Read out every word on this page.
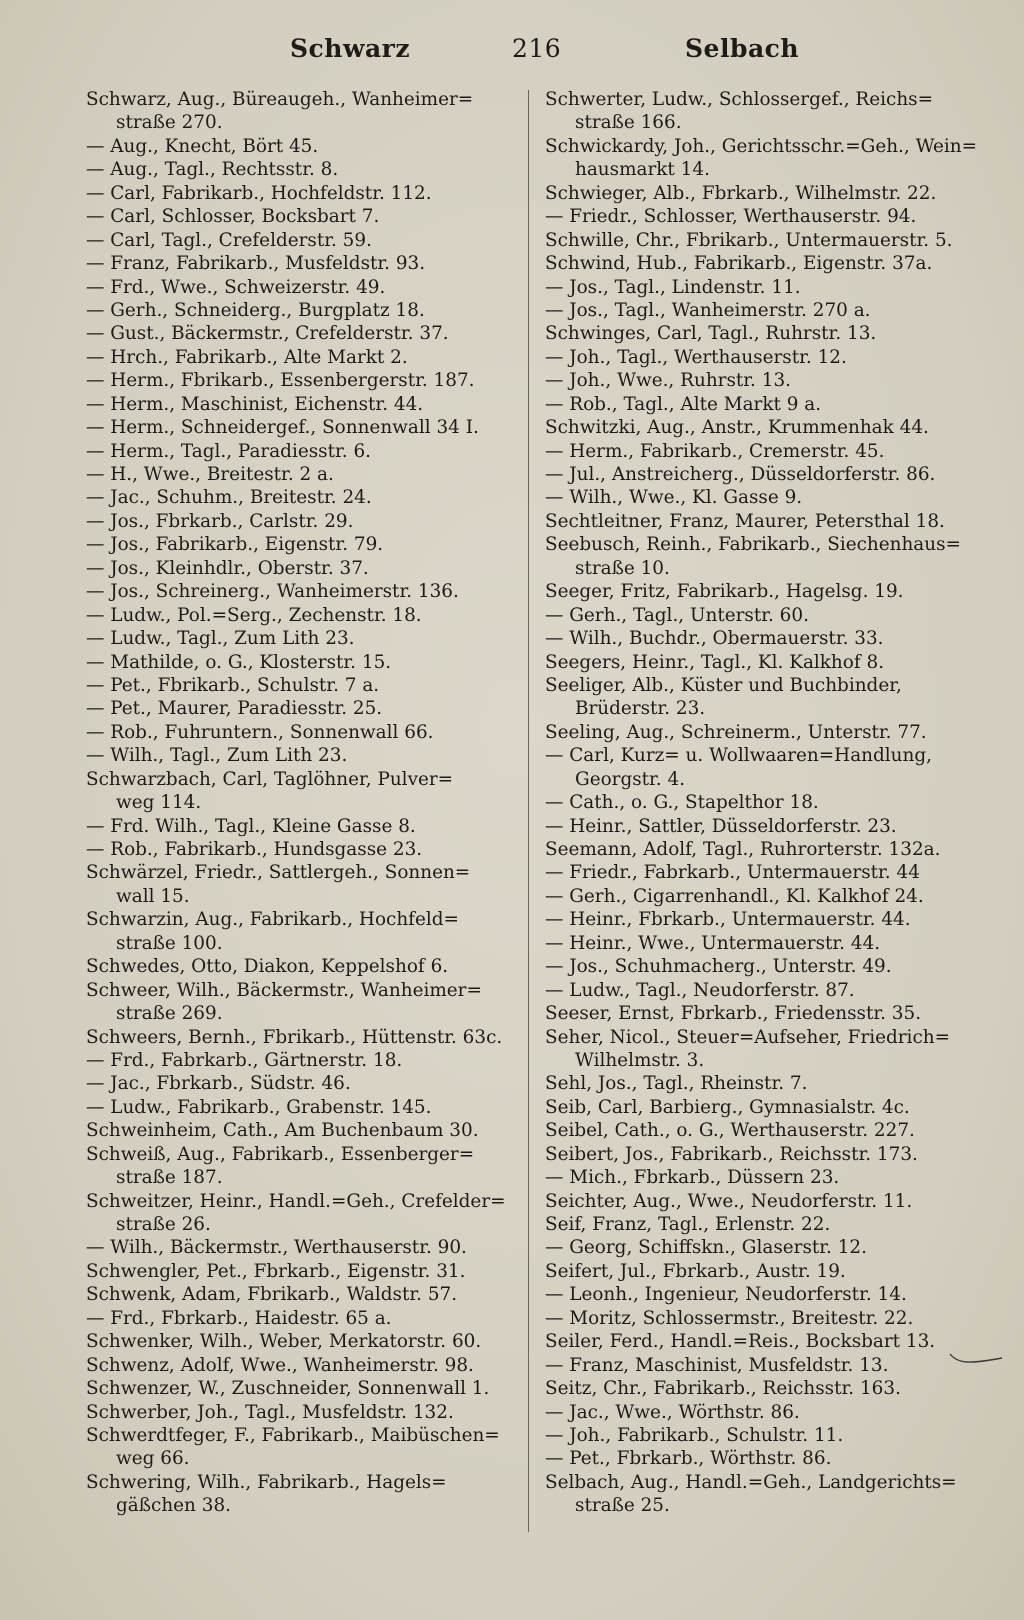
Schwarz	216	Selbach
Schwarz, Aug., Büreaugeh., Wanheimer=
straße 270.
— Aug., Knecht, Bört 45.
— Aug., Tagl., Rechtsstr. 8.
— Carl, Fabrikarb., Hochfeldstr. 112.
— Carl, Schlosser, Bocksbart 7.
— Carl, Tagl., Crefelderstr. 59.
— Franz, Fabrikarb., Musfeldstr. 93.
— Frd., Wwe., Schweizerstr. 49.
— Gerh., Schneiderg., Burgplatz 18.
— Gust., Bäckermstr., Crefelderstr. 37.
— Hrch., Fabrikarb., Alte Markt 2.
— Herm., Fbrikarb., Essenbergerstr. 187.
— Herm., Maschinist, Eichenstr. 44.
— Herm., Schneidergef., Sonnenwall 34 I.
— Herm., Tagl., Paradiesstr. 6.
— H., Wwe., Breitestr. 2 a.
— Jac., Schuhm., Breitestr. 24.
— Jos., Fbrkarb., Carlstr. 29.
— Jos., Fabrikarb., Eigenstr. 79.
— Jos., Kleinhdlr., Oberstr. 37.
— Jos., Schreinerg., Wanheimerstr. 136.
— Ludw., Pol.=Serg., Zechenstr. 18.
— Ludw., Tagl., Zum Lith 23.
— Mathilde, o. G., Klosterstr. 15.
— Pet., Fbrikarb., Schulstr. 7 a.
— Pet., Maurer, Paradiesstr. 25.
— Rob., Fuhruntern., Sonnenwall 66.
— Wilh., Tagl., Zum Lith 23.
Schwarzbach, Carl, Taglöhner, Pulver=
weg 114.
— Frd. Wilh., Tagl., Kleine Gasse 8.
— Rob., Fabrikarb., Hundsgasse 23.
Schwärzel, Friedr., Sattlergeh., Sonnen=
wall 15.
Schwarzin, Aug., Fabrikarb., Hochfeld=
straße 100.
Schwedes, Otto, Diakon, Keppelshof 6.
Schweer, Wilh., Bäckermstr., Wanheimer=
straße 269.
Schweers, Bernh., Fbrikarb., Hüttenstr. 63c.
— Frd., Fabrkarb., Gärtnerstr. 18.
— Jac., Fbrkarb., Südstr. 46.
— Ludw., Fabrikarb., Grabenstr. 145.
Schweinheim, Cath., Am Buchenbaum 30.
Schweiß, Aug., Fabrikarb., Essenberger=
straße 187.
Schweitzer, Heinr., Handl.=Geh., Crefelder=
straße 26.
— Wilh., Bäckermstr., Werthauserstr. 90.
Schwengler, Pet., Fbrkarb., Eigenstr. 31.
Schwenk, Adam, Fbrikarb., Waldstr. 57.
— Frd., Fbrkarb., Haidestr. 65 a.
Schwenker, Wilh., Weber, Merkatorstr. 60.
Schwenz, Adolf, Wwe., Wanheimerstr. 98.
Schwenzer, W., Zuschneider, Sonnenwall 1.
Schwerber, Joh., Tagl., Musfeldstr. 132.
Schwerdtfeger, F., Fabrikarb., Maibüschen=
weg 66.
Schwering, Wilh., Fabrikarb., Hagels=
gäßchen 38.
Schwerter, Ludw., Schlossergef., Reichs=
straße 166.
Schwickardy, Joh., Gerichtsschr.=Geh., Wein=
hausmarkt 14.
Schwieger, Alb., Fbrkarb., Wilhelmstr. 22.
— Friedr., Schlosser, Werthauserstr. 94.
Schwille, Chr., Fbrikarb., Untermauerstr. 5.
Schwind, Hub., Fabrikarb., Eigenstr. 37a.
— Jos., Tagl., Lindenstr. 11.
— Jos., Tagl., Wanheimerstr. 270 a.
Schwinges, Carl, Tagl., Ruhrstr. 13.
— Joh., Tagl., Werthauserstr. 12.
— Joh., Wwe., Ruhrstr. 13.
— Rob., Tagl., Alte Markt 9 a.
Schwitzki, Aug., Anstr., Krummenhak 44.
— Herm., Fabrikarb., Cremerstr. 45.
— Jul., Anstreicherg., Düsseldorferstr. 86.
— Wilh., Wwe., Kl. Gasse 9.
Sechtleitner, Franz, Maurer, Petersthal 18.
Seebusch, Reinh., Fabrikarb., Siechenhaus=
straße 10.
Seeger, Fritz, Fabrikarb., Hagelsg. 19.
— Gerh., Tagl., Unterstr. 60.
— Wilh., Buchdr., Obermauerstr. 33.
Seegers, Heinr., Tagl., Kl. Kalkhof 8.
Seeliger, Alb., Küster und Buchbinder,
Brüderstr. 23.
Seeling, Aug., Schreinerm., Unterstr. 77.
— Carl, Kurz= u. Wollwaaren=Handlung,
Georgstr. 4.
— Cath., o. G., Stapelthor 18.
— Heinr., Sattler, Düsseldorferstr. 23.
Seemann, Adolf, Tagl., Ruhrorterstr. 132a.
— Friedr., Fabrkarb., Untermauerstr. 44
— Gerh., Cigarrenhandl., Kl. Kalkhof 24.
— Heinr., Fbrkarb., Untermauerstr. 44.
— Heinr., Wwe., Untermauerstr. 44.
— Jos., Schuhmacherg., Unterstr. 49.
— Ludw., Tagl., Neudorferstr. 87.
Seeser, Ernst, Fbrkarb., Friedensstr. 35.
Seher, Nicol., Steuer=Aufseher, Friedrich=
Wilhelmstr. 3.
Sehl, Jos., Tagl., Rheinstr. 7.
Seib, Carl, Barbierg., Gymnasialstr. 4c.
Seibel, Cath., o. G., Werthauserstr. 227.
Seibert, Jos., Fabrikarb., Reichsstr. 173.
— Mich., Fbrkarb., Düssern 23.
Seichter, Aug., Wwe., Neudorferstr. 11.
Seif, Franz, Tagl., Erlenstr. 22.
— Georg, Schiffskn., Glaserstr. 12.
Seifert, Jul., Fbrkarb., Austr. 19.
— Leonh., Ingenieur, Neudorferstr. 14.
— Moritz, Schlossermstr., Breitestr. 22.
Seiler, Ferd., Handl.=Reis., Bocksbart 13.
— Franz, Maschinist, Musfeldstr. 13.
Seitz, Chr., Fabrikarb., Reichsstr. 163.
— Jac., Wwe., Wörthstr. 86.
— Joh., Fabrikarb., Schulstr. 11.
— Pet., Fbrkarb., Wörthstr. 86.
Selbach, Aug., Handl.=Geh., Landgerichts=
straße 25.
